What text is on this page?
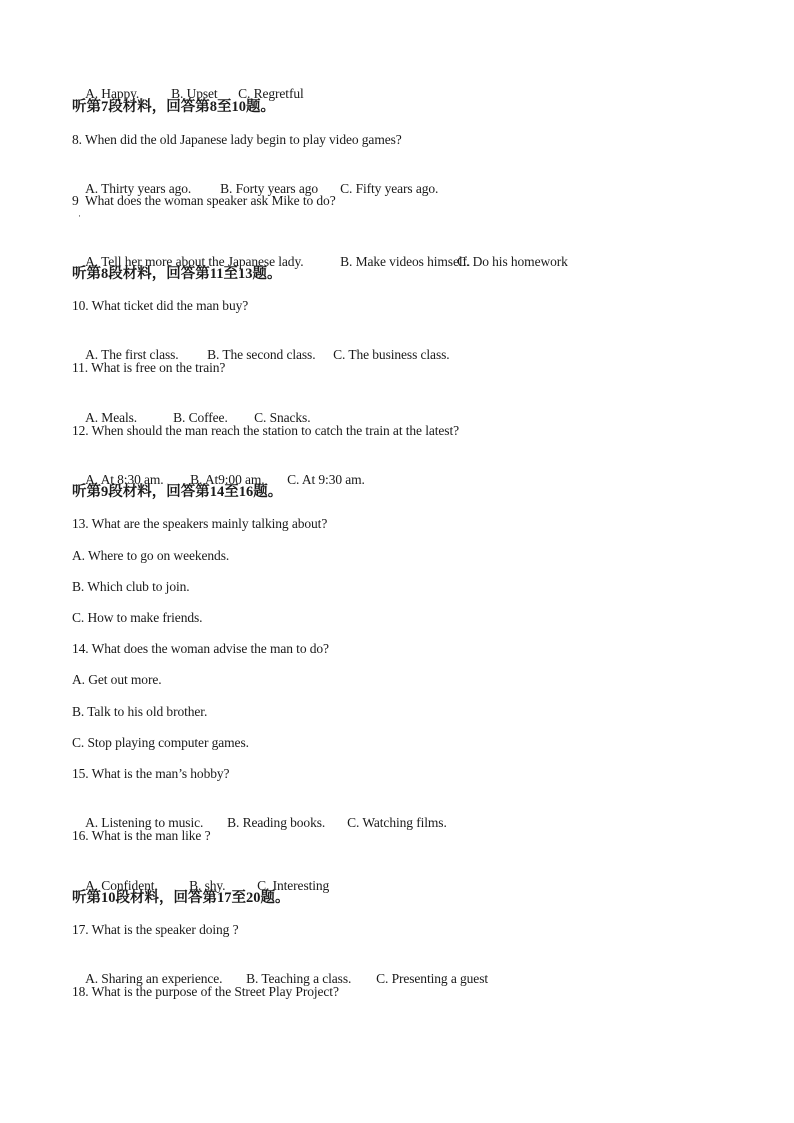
A. Happy. B. Upset C. Regretful

听第7段材料，回答第8至10题。
8. When did the old Japanese lady begin to play video games?

A. Thirty years ago. B. Forty years ago C. Fifty years ago.

9  What does the woman speaker ask Mike to do?
·

A. Tell her more about the Japanese lady.	B. Make videos himself.C. Do his homework

听第8段材料，回答第11至13题。
10. What ticket did the man buy?

A. The first class. B. The second class. C. The business class.

11. What is free on the train?

A. Meals.	B. Coffee. C. Snacks.

12. When should the man reach the station to catch the train at the latest?

A. At 8:30 am. B. At9:00 am. C. At 9:30 am.

听第9段材料，回答第14至16题。
13. What are the speakers mainly talking about?
A. Where to go on weekends.
B. Which club to join.
C. How to make friends.
14. What does the woman advise the man to do?
A. Get out more.
B. Talk to his old brother.
C. Stop playing computer games.
15. What is the man’s hobby?

A. Listening to music. B. Reading books. C. Watching films.

16. What is the man like ?

A. Confident. B. shy. C. Interesting

听第10段材料，回答第17至20题。
17. What is the speaker doing ?

A. Sharing an experience. B. Teaching a class. C. Presenting a guest

18. What is the purpose of the Street Play Project?
